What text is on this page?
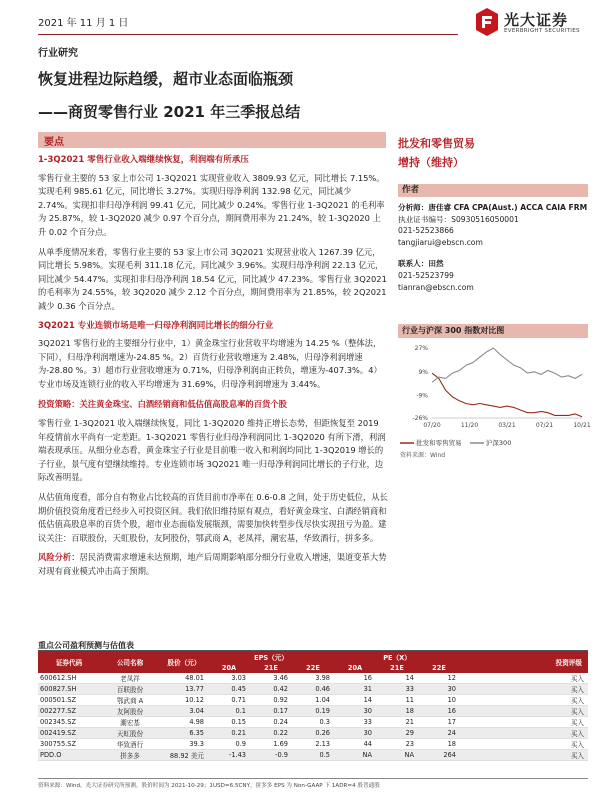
2021 年 11 月 1 日	光大证券
EVERBRIGHT SECURITIES
行业研究
恢复进程边际趋缓，超市业态面临瓶颈
——商贸零售行业 2021 年三季报总结
要点

1-3Q2021 零售行业收入端继续恢复，利润端有所承压

零售行业主要的 53 家上市公司 1-3Q2021 实现营业收入 3809.93 亿元，同比增长 7.15%。实现毛利 985.61 亿元，同比增长 3.27%。实现归母净利润 132.98 亿元，同比减少 2.74%。实现扣非归母净利润 99.41 亿元，同比减少 0.24%。零售行业 1-3Q2021 的毛利率为 25.87%，较 1-3Q2020 减少 0.97 个百分点，期间费用率为 21.24%，较 1-3Q2020 上升 0.02 个百分点。

从单季度情况来看，零售行业主要的 53 家上市公司 3Q2021 实现营业收入 1267.39 亿元，同比增长 5.98%。实现毛利 311.18 亿元，同比减少 3.96%。实现归母净利润 22.13 亿元，同比减少 54.47%。实现扣非归母净利润 18.54 亿元，同比减少 47.23%。零售行业 3Q2021 的毛利率为 24.55%，较 3Q2020 减少 2.12 个百分点，期间费用率为 21.85%，较 2Q2021 减少 0.36 个百分点。

3Q2021 专业连锁市场是唯一归母净利润同比增长的细分行业

3Q2021 零售行业的主要细分行业中，1）黄金珠宝行业营收平均增速为 14.25 %（整体法，下同），归母净利润增速为-24.85 %。2）百货行业营收增速为 2.48%，归母净利润增速为-28.80 %。3）超市行业营收增速为 0.71%，归母净利润由正转负，增速为-407.3%。4）专业市场及连锁行业的收入平均增速为 31.69%，归母净利润增速为 3.44%。

投资策略：关注黄金珠宝、白酒经销商和低估值高股息率的百货个股

零售行业 1-3Q2021 收入端继续恢复，同比 1-3Q2020 维持正增长态势，但距恢复至 2019 年疫情前水平尚有一定差距。1-3Q2021 零售行业归母净利润同比 1-3Q2020 有所下滑，利润端表现承压。从细分业态看，黄金珠宝子行业是目前唯一收入和利润均同比 1-3Q2019 增长的子行业，景气度有望继续维持。专业连锁市场 3Q2021 唯一归母净利润同比增长的子行业，边际改善明显。

从估值角度看，部分自有物业占比较高的百货目前市净率在 0.6-0.8 之间，处于历史低位，从长期价值投资角度看已经步入可投资区间。我们依旧维持原有观点，看好黄金珠宝、白酒经销商和低估值高股息率的百货个股，超市业态面临发展瓶颈，需要加快转型步伐尽快实现扭亏为盈。建议关注：百联股份，天虹股份，友阿股份，鄂武商 A，老凤祥，潮宏基，华致酒行，拼多多。

风险分析：居民消费需求增速未达预期，地产后周期影响部分细分行业收入增速，渠道变革大势对现有商业模式冲击高于预期。

批发和零售贸易
增持（维持）
作者
分析师：唐佳睿 CFA CPA(Aust.) ACCA CAIA FRM
执业证书编号：S0930516050001
021-52523866
tangjiarui@ebscn.com
联系人：田然
021-52523799
tianran@ebscn.com
行业与沪深 300 指数对比图
27%
9%
-9%
-26%
07/20	11/20	03/21	07/21	10/21
批发和零售贸易	沪深300
资料来源：Wind
重点公司盈利预测与估值表
证券代码	公司名称	股价（元）	EPS（元）			PE（X）			投资评级
			20A	21E	22E	20A	21E	22E	
600612.SH	老凤祥	48.01	3.03	3.46	3.98	16	14	12	买入
600827.SH	百联股份	13.77	0.45	0.42	0.46	31	33	30	买入
000501.SZ	鄂武商 A	10.12	0.71	0.92	1.04	14	11	10	买入
002277.SZ	友阿股份	3.04	0.1	0.17	0.19	30	18	16	买入
002345.SZ	潮宏基	4.98	0.15	0.24	0.3	33	21	17	买入
002419.SZ	天虹股份	6.35	0.21	0.22	0.26	30	29	24	买入
300755.SZ	华致酒行	39.3	0.9	1.69	2.13	44	23	18	买入
PDD.O	拼多多	88.92 美元	-1.43	-0.9	0.5	NA	NA	264	买入
资料来源：Wind，光大证券研究所预测，股价时间为 2021-10-29；1USD=6.5CNY，拼多多 EPS 为 Non-GAAP 下 1ADR=4 股普通股
